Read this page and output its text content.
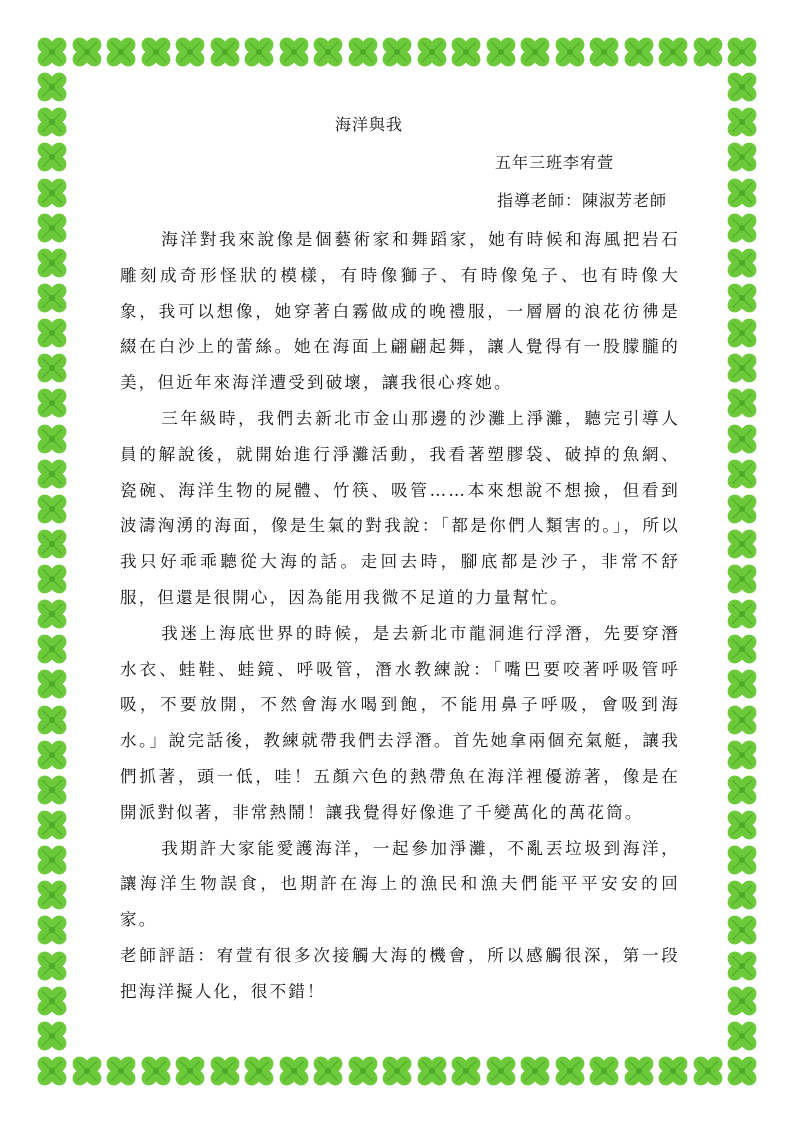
海洋與我
五年三班李宥萱
指導老師：陳淑芳老師

海洋對我來說像是個藝術家和舞蹈家，她有時候和海風把岩石雕刻成奇形怪狀的模樣，有時像獅子、有時像兔子、也有時像大象，我可以想像，她穿著白霧做成的晚禮服，一層層的浪花彷彿是綴在白沙上的蕾絲。她在海面上翩翩起舞，讓人覺得有一股朦朧的美，但近年來海洋遭受到破壞，讓我很心疼她。

三年級時，我們去新北市金山那邊的沙灘上淨灘，聽完引導人員的解說後，就開始進行淨灘活動，我看著塑膠袋、破掉的魚網、瓷碗、海洋生物的屍體、竹筷、吸管……本來想說不想撿，但看到波濤洶湧的海面，像是生氣的對我說：「都是你們人類害的。」，所以我只好乖乖聽從大海的話。走回去時，腳底都是沙子，非常不舒服，但還是很開心，因為能用我微不足道的力量幫忙。

我迷上海底世界的時候，是去新北市龍洞進行浮潛，先要穿潛水衣、蛙鞋、蛙鏡、呼吸管，潛水教練說：「嘴巴要咬著呼吸管呼吸，不要放開，不然會海水喝到飽，不能用鼻子呼吸，會吸到海水。」說完話後，教練就帶我們去浮潛。首先她拿兩個充氣艇，讓我們抓著，頭一低，哇！五顏六色的熱帶魚在海洋裡優游著，像是在開派對似著，非常熱鬧！讓我覺得好像進了千變萬化的萬花筒。

我期許大家能愛護海洋，一起參加淨灘，不亂丟垃圾到海洋，讓海洋生物誤食，也期許在海上的漁民和漁夫們能平平安安的回家。

老師評語：宥萱有很多次接觸大海的機會，所以感觸很深，第一段把海洋擬人化，很不錯！
